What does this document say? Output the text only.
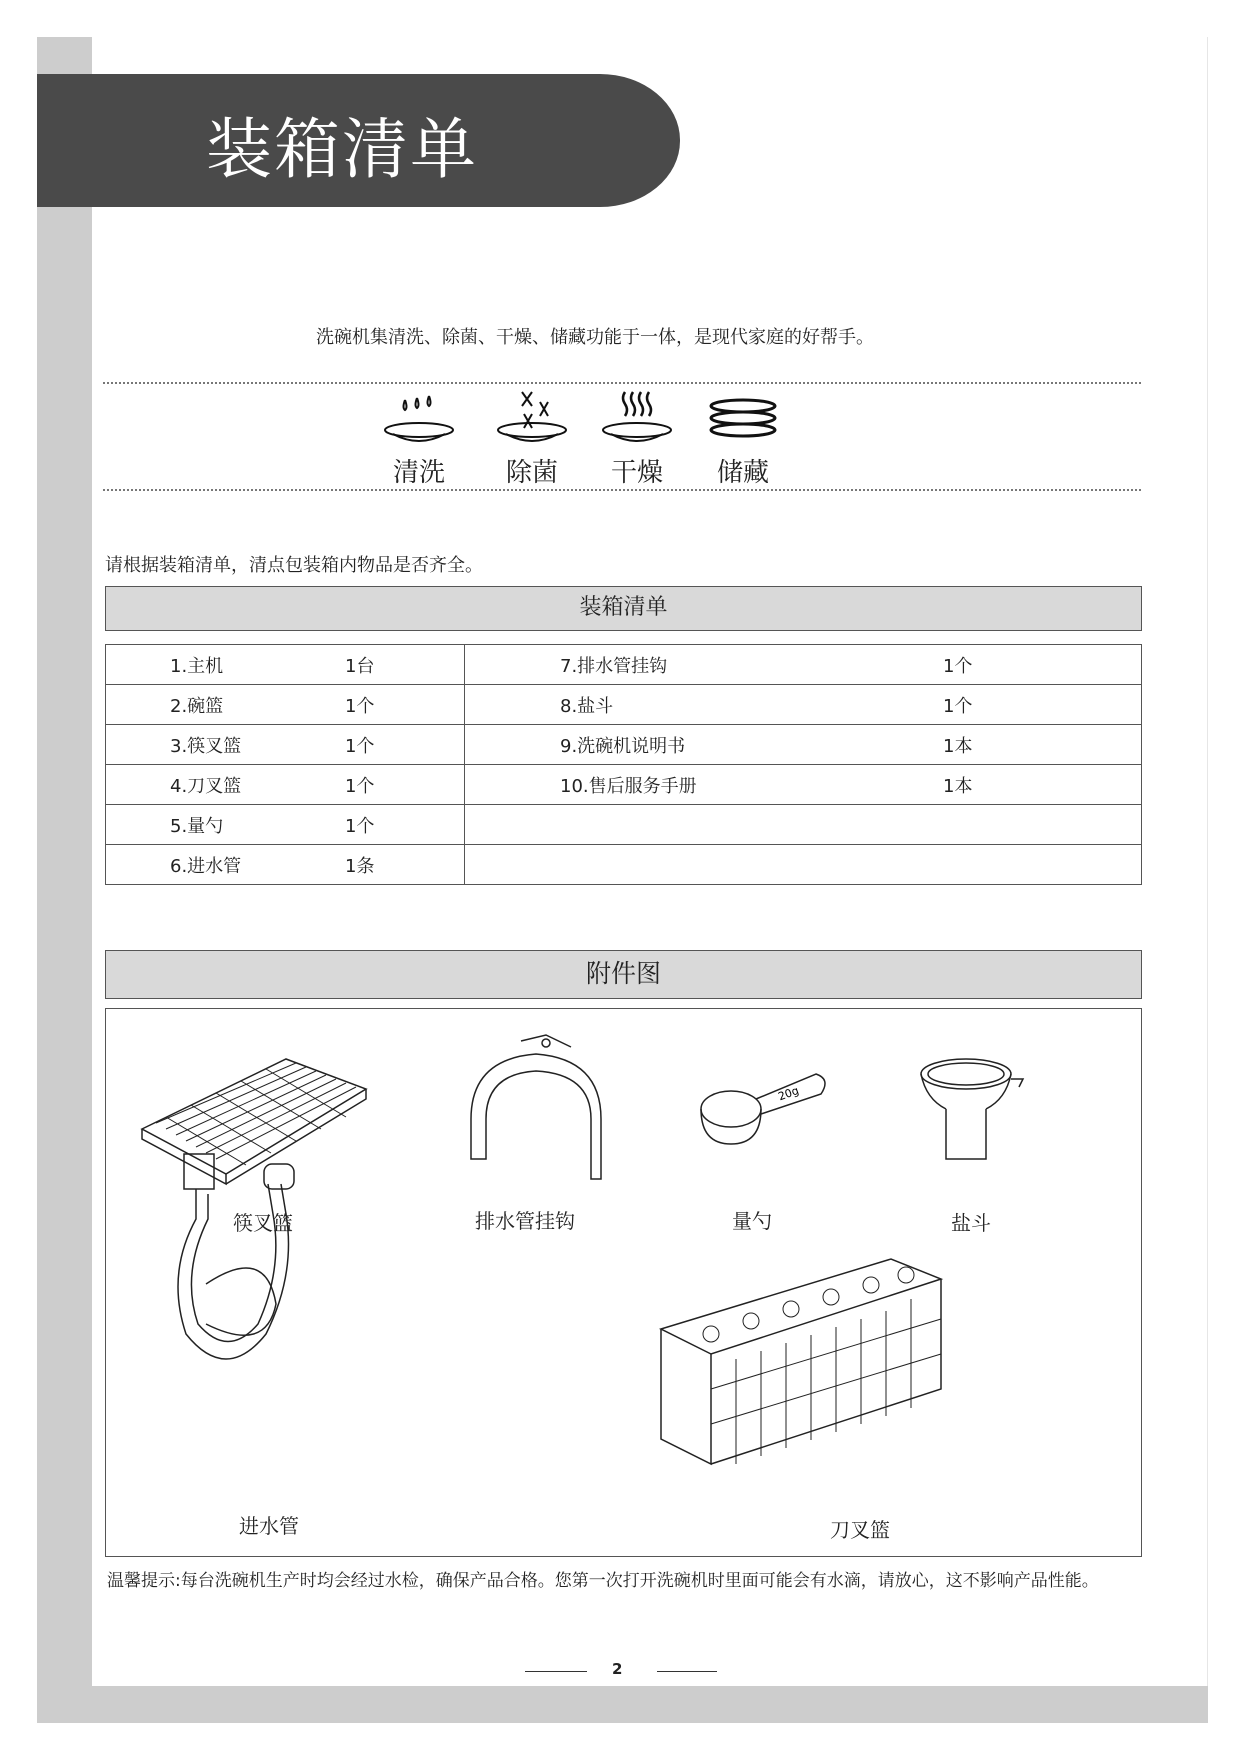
装箱清单
洗碗机集清洗、除菌、干燥、储藏功能于一体，是现代家庭的好帮手。
清洗	除菌	干燥	储藏
请根据装箱清单，清点包装箱内物品是否齐全。
装箱清单
1.主机 1台	7.排水管挂钩 1个
2.碗篮 1个	8.盐斗 1个
3.筷叉篮 1个	9.洗碗机说明书 1本
4.刀叉篮 1个	10.售后服务手册 1本
5.量勺 1个	
6.进水管 1条	
附件图
20g
筷叉篮	排水管挂钩	量勺	盐斗
进水管	刀叉篮
温馨提示:每台洗碗机生产时均会经过水检，确保产品合格。您第一次打开洗碗机时里面可能会有水滴，请放心，这不影响产品性能。
2
